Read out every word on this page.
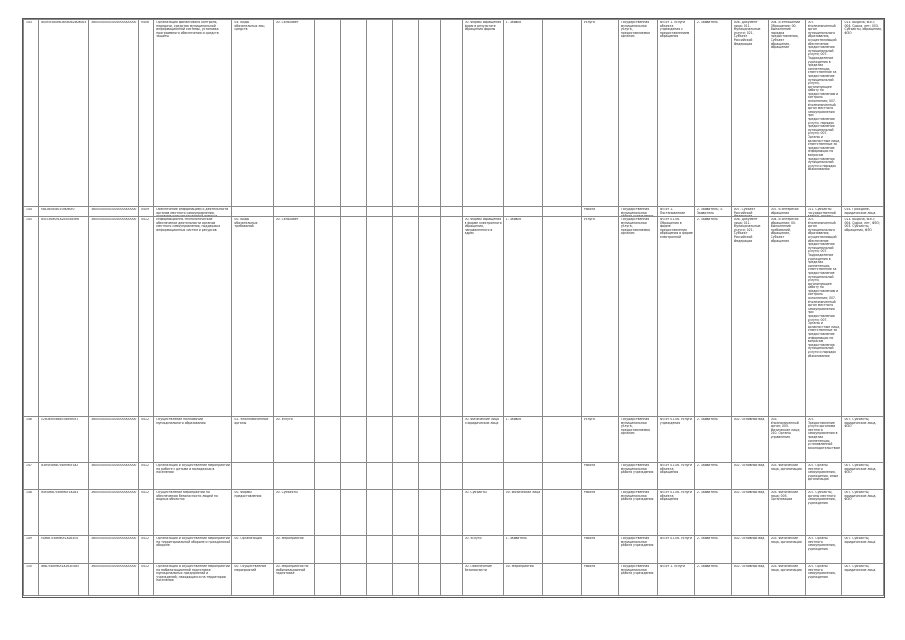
143	a00f5f3a0eb3b5a0b2b0a0b3	36005000003000000000000	0406	Организация финансового контроля, передачи, средства муниципальной информационной системы, установка программного обеспечения и средств защиты	04. Виды обязательных лиц средств	00. Сельсовет							00. Формы обращения форм в результате обращения формы	1. Заявка		Услуга	Государственная муниципальная услуга, предоставляемая органом	ФЗ от 1. Услуги объекта учреждения с предоставлением обращения	2. Заявитель	006. Документ лица; 011. Муниципальные услуги; 021. Субъект Российской Федерации	004. В отношении Обращения; 00. Выполнение порядка предоставления, Субъект обращения, обращение	007. Уполномоченный орган муниципального образования, осуществляющий обеспечение предоставления муниципальной услуги; 007. Подразделение учреждения в пределах компетенции, ответственное за предоставление муниципальной услуги, организующее работу по предоставлению и контроль исполнения; 007. Уполномоченный орган местного самоуправления при предоставлении услуги, порядок предоставления муниципальной услуги; 007. Органы и должностные лица, ответственные за предоставление информации по вопросам предоставления муниципальной услуги и порядок обжалования	013. Выдача, ФЗО; 004. Сроки, лет; 003. Субъекты, обращения, ФЗО

144	f4b2b0a5b1c0d0e0f0	36005000003000000000000	0409	Обеспечение информацией о деятельности органов местного самоуправления,												Работа	Государственная муниципальная	ФЗ от 1. Постановление	2. Заявитель; 3. Заявитель	007. Субъект Российской	007. В интересах обращения	011. Субъекты государственной	014. Граждане, юридические лица

145	b5c1d0e0f1a2b3c4d5e6	36005000003000000000000	0412	Информационно-технологическое обеспечение деятельности органов местного самоуправления, поддержка информационных систем и ресурсов	00. Виды обязательных требований	00. Сельсовет							00. Формы обращения в форме электронного обращения, направленного в адрес	1. Заявка		Услуга	Государственная муниципальная услуга, предоставляемая органом	ФЗ от 01.06. Обращения в форме предоставления обращения в форме электронной	2. Заявитель	006. Документ лица; 011. Муниципальные услуги; 021. Субъект Российской Федерации	004. В интересах обращения; 00. Выполнение требований, обращения, Субъект обращения	007. Уполномоченный орган муниципального образования, осуществляющий обеспечение предоставления муниципальной услуги; 007. Подразделение учреждения в пределах компетенции, ответственное за предоставление муниципальной услуги, организующее работу по предоставлению и контроль исполнения; 007. Уполномоченный орган местного самоуправления при предоставлении услуги; 007. Органы и должностные лица, ответственные за предоставление информации по вопросам предоставления муниципальной услуги и порядок обжалования	013. Выдача, ФЗО; 004. Сроки, лет, ФЗО; 003. Субъекты, обращения, ФЗО

146	c2d3e4f5a6b7c8d9e0f1	36005000003000000000000	0412	Осуществление полномочий муниципального образования	02. Уполномоченные органы	00. Услуги							00. Физические лица и юридические лица	1. Заявка		Услуга	Государственная муниципальная услуга, предоставляемая органом	ФЗ от 01.06. Услуги учреждения	2. Заявитель	002. Основной вид	003. Уполномоченный орган; 005. Физические лица; 010. Органы управления	007. Предоставление услуги органами местного самоуправления в пределах компетенции, установленной законодательством	007. Субъекты, юридические лица, ФЗО

147	d3e4f5a6b7c8d9e0f1a2	36005000003000000000000	0412	Организация и осуществление мероприятий по работе с детьми и молодежью в поселении												Работа	Государственная муниципальная работа учреждения	ФЗ от 01.06. Услуги объекта, обращения	2. Заявитель	002. Основной вид	003. Физические лица, организации	007. Органы местного самоуправления, учреждения, иные организации	007. Субъекты, юридические лица, ФЗО

148	e4f5a6b7c8d9e0f1a2b3	36005000003000000000000	0412	Осуществление мероприятий по обеспечению безопасности людей на водных объектах	00. Формы предоставления	00. Субъекты							00. Субъекты	00. Физические лица		Работа	Государственная муниципальная работа учреждения	ФЗ от 01.06. Услуги объекта, обращения	2. Заявитель	002. Основной вид	003. Физические лица; 005. Организации	007. Субъекты, органы местного самоуправления, учреждения	007. Субъекты, юридические лица, ФЗО

149	f5a6b7c8d9e0f1a2b3c4	36005000003000000000000	0412	Организация и осуществление мероприятий по территориальной обороне и гражданской обороне	00. Организация	00. Мероприятия							00. Услуги	1. Заявитель		Работа	Государственная муниципальная работа учреждения	ФЗ от 01.06. Услуги	2. Заявитель	002. Основной вид	003. Физические лица, организации	007. Органы местного самоуправления, учреждения	007. Субъекты, юридические лица

150	a6b7c8d9e0f1a2b3c4d5	36005000003000000000000	0412	Организация и осуществление мероприятий по мобилизационной подготовке муниципальных предприятий и учреждений, находящихся на территории поселения	00. Осуществление мероприятий	00. Мероприятия по мобилизационной подготовке							00. Обеспечение безопасности	00. Мероприятия		Работа	Государственная муниципальная работа учреждения	ФЗ от 1. Услуги	2. Заявитель	002. Основной вид	003. Физические лица, организации	007. Органы местного самоуправления, учреждения	007. Субъекты, юридические лица
